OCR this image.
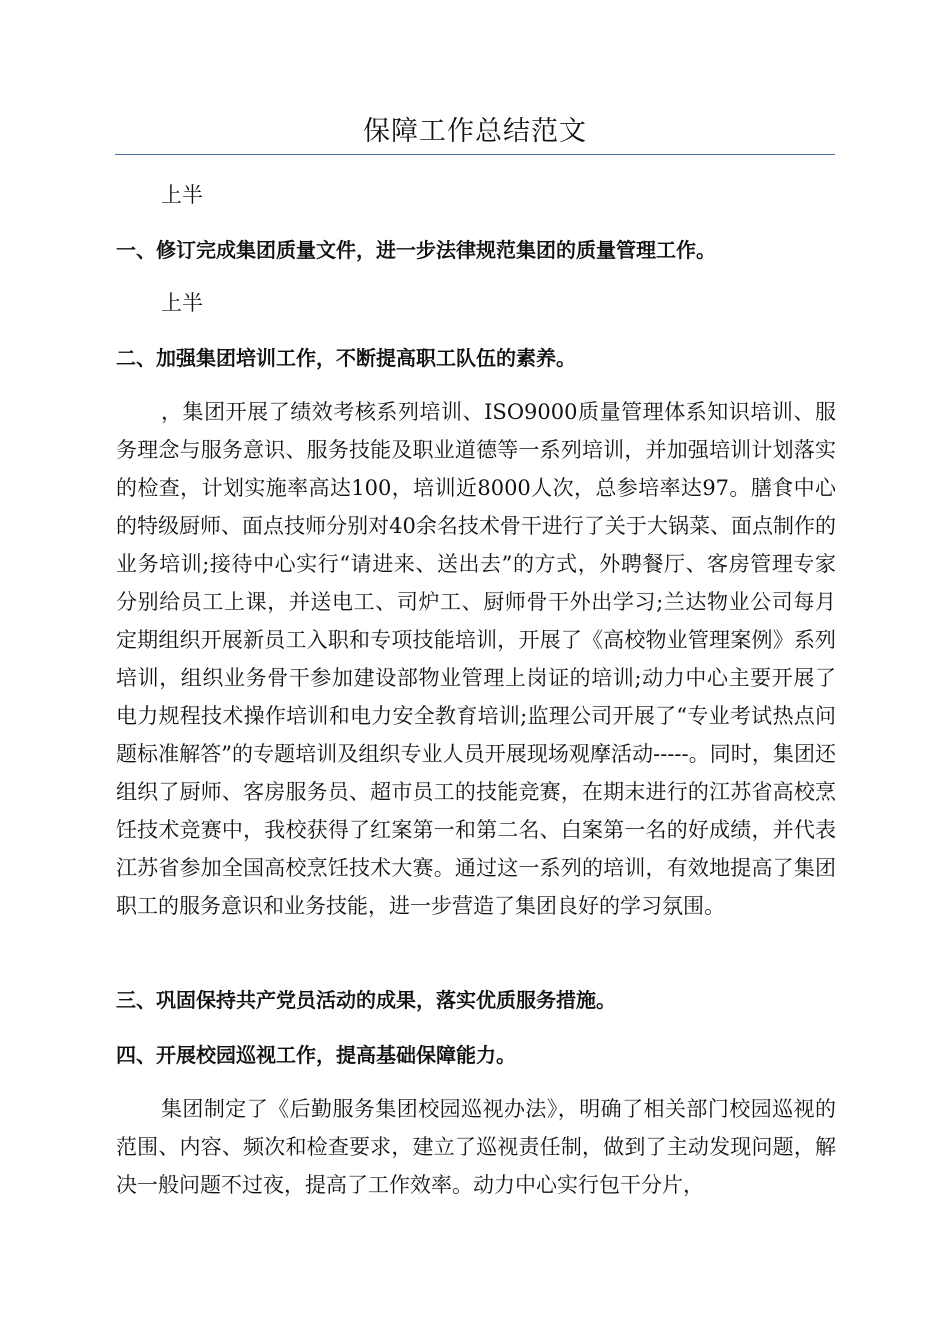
保障工作总结范文

上半

一、修订完成集团质量文件，进一步法律规范集团的质量管理工作。

上半

二、加强集团培训工作，不断提高职工队伍的素养。

，集团开展了绩效考核系列培训、ISO9000质量管理体系知识培训、服务理念与服务意识、服务技能及职业道德等一系列培训，并加强培训计划落实的检查，计划实施率高达100，培训近8000人次，总参培率达97。膳食中心的特级厨师、面点技师分别对40余名技术骨干进行了关于大锅菜、面点制作的业务培训;接待中心实行“请进来、送出去”的方式，外聘餐厅、客房管理专家分别给员工上课，并送电工、司炉工、厨师骨干外出学习;兰达物业公司每月定期组织开展新员工入职和专项技能培训，开展了《高校物业管理案例》系列培训，组织业务骨干参加建设部物业管理上岗证的培训;动力中心主要开展了电力规程技术操作培训和电力安全教育培训;监理公司开展了“专业考试热点问题标准解答”的专题培训及组织专业人员开展现场观摩活动-----。同时，集团还组织了厨师、客房服务员、超市员工的技能竞赛，在期末进行的江苏省高校烹饪技术竞赛中，我校获得了红案第一和第二名、白案第一名的好成绩，并代表江苏省参加全国高校烹饪技术大赛。通过这一系列的培训，有效地提高了集团职工的服务意识和业务技能，进一步营造了集团良好的学习氛围。

三、巩固保持共产党员活动的成果，落实优质服务措施。

四、开展校园巡视工作，提高基础保障能力。

集团制定了《后勤服务集团校园巡视办法》，明确了相关部门校园巡视的范围、内容、频次和检查要求，建立了巡视责任制，做到了主动发现问题，解决一般问题不过夜，提高了工作效率。动力中心实行包干分片，
